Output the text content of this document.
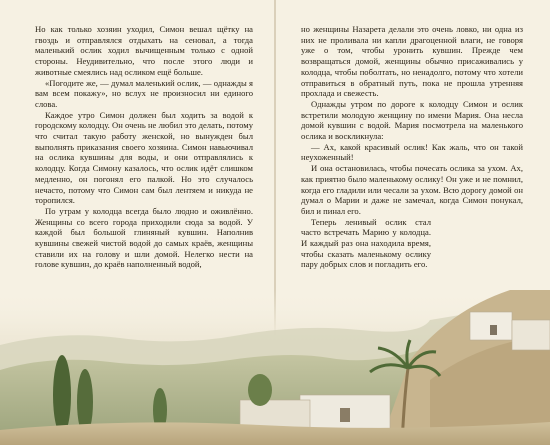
Но как только хозяин уходил, Симон вешал щётку на гвоздь и отправлялся отдыхать на сеновал, а тогда маленький ослик ходил вычищенным только с одной стороны. Неудивительно, что после этого люди и животные смеялись над осликом ещё больше.

«Погодите же, — думал маленький ослик, — однажды я вам всем покажу», но вслух не произносил ни единого слова.

Каждое утро Симон должен был ходить за водой к городскому колодцу. Он очень не любил это делать, потому что считал такую работу женской, но вынужден был выполнять приказания своего хозяина. Симон навьючивал на ослика кувшины для воды, и они отправлялись к колодцу. Когда Симону казалось, что ослик идёт слишком медленно, он погонял его палкой. Но это случалось нечасто, потому что Симон сам был лентяем и никуда не торопился.

По утрам у колодца всегда было людно и оживлённо. Женщины со всего города приходили сюда за водой. У каждой был большой глиняный кувшин. Наполнив кувшины свежей чистой водой до самых краёв, женщины ставили их на голову и шли домой. Нелегко нести на голове кувшин, до краёв наполненный водой,

но женщины Назарета делали это очень ловко, ни одна из них не проливала ни капли драгоценной влаги, не говоря уже о том, чтобы уронить кувшин. Прежде чем возвращаться домой, женщины обычно присаживались у колодца, чтобы поболтать, но ненадолго, потому что хотели отправиться в обратный путь, пока не прошла утренняя прохлада и свежесть.

Однажды утром по дороге к колодцу Симон и ослик встретили молодую женщину по имени Мария. Она несла домой кувшин с водой. Мария посмотрела на маленького ослика и воскликнула:

— Ах, какой красивый ослик! Как жаль, что он такой неухоженный!

И она остановилась, чтобы почесать ослика за ухом. Ах, как приятно было маленькому ослику! Он уже и не помнил, когда его гладили или чесали за ухом. Всю дорогу домой он думал о Марии и даже не замечал, когда Симон понукал, бил и пинал его.

Теперь ленивый ослик стал часто встречать Марию у колодца. И каждый раз она находила время, чтобы сказать маленькому ослику пару добрых слов и погладить его.
